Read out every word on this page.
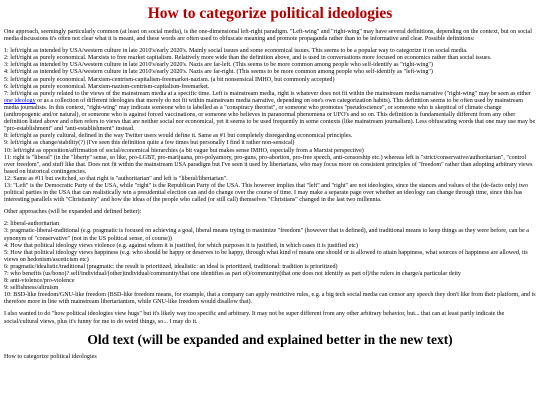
How to categorize political ideologies

One approach, seemingly particularly common (at least on social media), is the one-dimensional left-right paradigm. "Left-wing" and "right-wing" may have several definitions, depending on the context, but on social media discussions it's often not clear what it is meant, and these words are often used to obfuscate meaning and promote propaganda rather than to be informative and clear. Possible definitions:

1: left/right as intended by USA/western culture in late 2010's/early 2020's. Mainly social issues and some economical issues. This seems to be a popular way to categorize it on social media.
2: left/right as purely economical. Marxists to free market capitalism. Relatively more wide than the definition above, and is used in conversations more focused on economics rather than social issues.
3: left/right as intended by USA/western culture in late 2010's/early 2020's. Nazis are far-left. (This seems to be more common among people who self-identify as "right-wing")
4: left/right as intended by USA/western culture in late 2010's/early 2020's. Nazis are far-right. (This seems to be more common among people who self-identify as "left-wing")
5: left/right as purely economical. Marxism-centrism-capitalism-freemarket-nazism. (a bit nonsensical IMHO, but commonly accepted)
6: left/right as purely economical. Marxism-nazism-centrism-capitalism-freemarket.
7: left/right as purely related to the views of the mainstream media at a specific time. Left is mainstream media, right is whatever does not fit within the mainstream media narrative ("right-wing" may be seen as either one ideology or as a collection of different ideologies that merely do not fit within mainstream media narrative, depending on one's own categorization habits). This definition seems to be often used by mainstream media journalists. In this context, "right-wing" may indicate someone who is labelled as a "conspiracy theorist", or someone who promotes "pseudoscience", or someone who is skeptical of climate change (anthropogenic and/or natural), or someone who is against forced vaccinations, or someone who believes in paranormal phenomena or UFO's and so on. This definition is fundamentally different from any other definition listed above and often refers to views that are neither social nor economical, yet it seems to be used frequently in some contexts (like mainstream journalism). Less obfuscating words that one may use may be "pro-establishment" and "anti-establishment" instead.
8: left/right as purely cultural, defined in the way Twitter users would define it. Same as #1 but completely disregarding economical principles.
9: left/right as change/stability(?) (I've seen this definition quite a few times but personally I find it rather non-sensical)
10: left/right as opposition/affirmation of social/economical hierarchies (a bit vague but makes sense IMHO, especially from a Marxist perspective)
11: right is "liberal" (in the "liberty" sense, so like, pro-LGBT, pro-marijuana, pro-polyamory, pro-guns, pro-abortion, pro-free speech, anti-censorship etc.) whereas left is "strict/conservative/authoritarian", "control over freedom", and stuff like that. Does not fit within the mainstream USA paradigm but I've seen it used by libertarians, who may focus more on consistent principles of "freedom" rather than adopting arbitrary views based on historical contingencies.
12: Same as #11 but switched, so that right is "authoritarian" and left is "liberal/libertarian".
13: "Left" is the Democratic Party of the USA, while "right" is the Republican Party of the USA. This however implies that "left" and "right" are not ideologies, since the stances and values of the (de-facto only) two political parties in the USA that can realistically win a presidential election can and do change over the course of time. I may make a separate page over whether an ideology can change through time, since this has interesting parallels with "Christianity" and how the ideas of the people who called (or still call) themselves "Christians" changed in the last two millennia.

Other approaches (will be expanded and defined better):

2: liberal-authoritarian
3: pragmatic-liberal-traditional (e.g. pragmatic is focused on achieving a goal, liberal means trying to maximize "freedom" (however that is defined), and traditional means to keep things as they were before, can be a synonym of "conservative" (not in the US political sense, of course))
4: How that political ideology views violence (e.g. against whom it is justified, for which purposes it is justified, in which cases it is justified etc)
5: How that political ideology views happiness (e.g. who should be happy or deserves to be happy, through what kind of means one should or is allowed to attain happiness, what sources of happiness are allowed, its views on hedonism/asceticism etc)
6: pragmatic/idealistic/traditional (pragmatic: the result is prioritized, idealistic: an ideal is prioritized, traditional: tradition is prioritized)
7: who benefits (us/bono)? self/individual/(other)individual/community/that one identifies as part of)/community(that one does not identify as part of)/the rulers in charge/a particular deity
8: anti-violence/pro-violence
9: selfishness/altruism
10: BSD-like freedom/GNU-like freedom (BSD-like freedom means, for example, that a company can apply restrictive rules, e.g. a big tech social media can censor any speech they don't like from their platform, and is therefore more in line with mainstream libertarianism, while GNU-like freedom would disallow that).

I also wanted to do "how political ideologies view hugs" but it's likely way too specific and arbitrary. It may not be super different from any other arbitrary behavior, but... that can at least partly indicate the social/cultural views, plus it's funny for me to do weird things, so... I may do it.

Old text (will be expanded and explained better in the new text)
How to categorize political ideologies
